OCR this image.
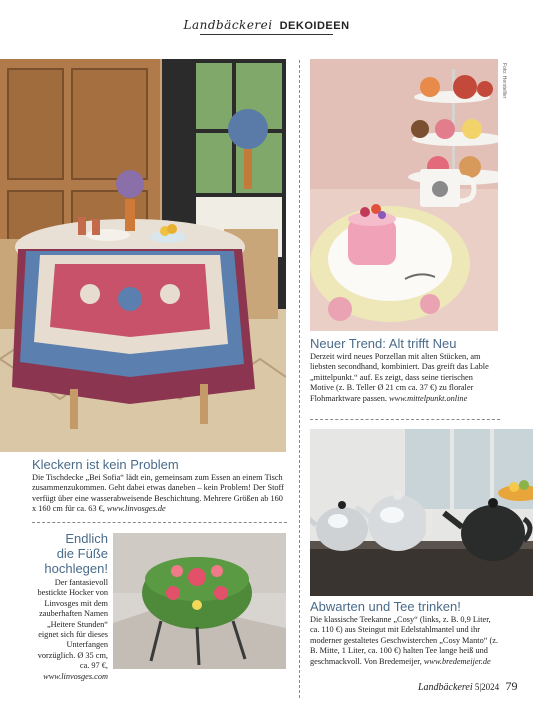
Landbäckerei DEKOIDEEN
Foto: Herstelller
Kleckern ist kein Problem
Die Tischdecke „Bei Sofia“ lädt ein, gemeinsam zum Essen an einem Tisch zusammenzukommen. Geht dabei etwas daneben – kein Problem! Der Stoff verfügt über eine wasserabweisende Beschichtung. Mehrere Größen ab 160 x 160 cm für ca. 63 €, www.linvosges.de
Endlich
die Füße
hochlegen!
Der fantasievoll bestickte Hocker von Linvosges mit dem zauberhaften Namen „Heitere Stunden“ eignet sich für dieses Unterfangen vorzüglich. Ø 35 cm, ca. 97 €, www.linvosges.com
Neuer Trend: Alt trifft Neu
Derzeit wird neues Porzellan mit alten Stücken, am liebsten secondhand, kombiniert. Das greift das Lable „mittelpunkt.“ auf. Es zeigt, dass seine tierischen Motive (z. B. Teller Ø 21 cm ca. 37 €) zu floraler Flohmarktware passen. www.mittelpunkt.online
Abwarten und Tee trinken!
Die klassische Teekanne „Cosy“ (links, z. B. 0,9 Liter, ca. 110 €) aus Steingut mit Edelstahlmantel und ihr moderner gestaltetes Geschwisterchen „Cosy Manto“ (z. B. Mitte, 1 Liter, ca. 100 €) halten Tee lange heiß und geschmackvoll. Von Bredemeijer, www.bredemeijer.de
Landbäckerei 5|2024 79
